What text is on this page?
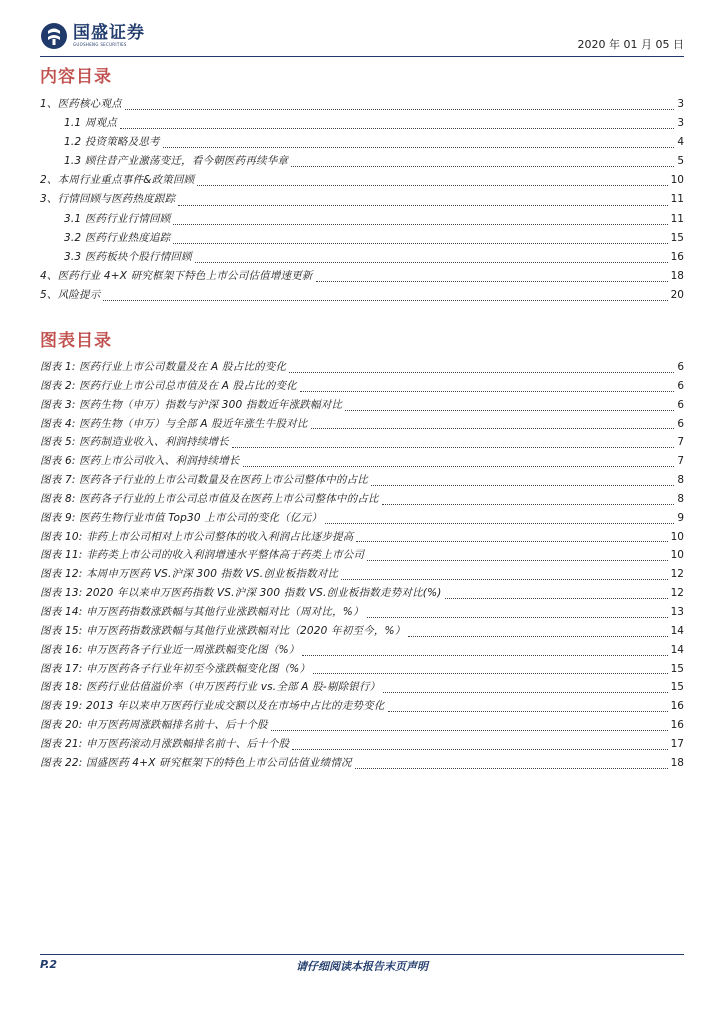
国盛证券
GUOSHENG SECURITIES	2020 年 01 月 05 日
内容目录
1、医药核心观点	3
1.1 周观点	3
1.2 投资策略及思考	4
1.3 顾往昔产业激荡变迁，看今朝医药再续华章	5
2、本周行业重点事件&政策回顾	10
3、行情回顾与医药热度跟踪	11
3.1 医药行业行情回顾	11
3.2 医药行业热度追踪	15
3.3 医药板块个股行情回顾	16
4、医药行业 4+X 研究框架下特色上市公司估值增速更新	18
5、风险提示	20
图表目录
图表 1: 医药行业上市公司数量及在 A 股占比的变化	6
图表 2: 医药行业上市公司总市值及在 A 股占比的变化	6
图表 3: 医药生物（申万）指数与沪深 300 指数近年涨跌幅对比	6
图表 4: 医药生物（申万）与全部 A 股近年涨生牛股对比	6
图表 5: 医药制造业收入、利润持续增长	7
图表 6: 医药上市公司收入、利润持续增长	7
图表 7: 医药各子行业的上市公司数量及在医药上市公司整体中的占比	8
图表 8: 医药各子行业的上市公司总市值及在医药上市公司整体中的占比	8
图表 9: 医药生物行业市值 Top30 上市公司的变化（亿元）	9
图表 10: 非药上市公司相对上市公司整体的收入利润占比逐步提高	10
图表 11: 非药类上市公司的收入利润增速水平整体高于药类上市公司	10
图表 12: 本周申万医药 VS.沪深 300 指数 VS.创业板指数对比	12
图表 13: 2020 年以来申万医药指数 VS.沪深 300 指数 VS.创业板指数走势对比(%)	12
图表 14: 申万医药指数涨跌幅与其他行业涨跌幅对比（周对比，%）	13
图表 15: 申万医药指数涨跌幅与其他行业涨跌幅对比（2020 年初至今，%）	14
图表 16: 申万医药各子行业近一周涨跌幅变化图（%）	14
图表 17: 申万医药各子行业年初至今涨跌幅变化图（%）	15
图表 18: 医药行业估值溢价率（申万医药行业 vs.全部 A 股-剔除银行）	15
图表 19: 2013 年以来申万医药行业成交额以及在市场中占比的走势变化	16
图表 20: 申万医药周涨跌幅排名前十、后十个股	16
图表 21: 申万医药滚动月涨跌幅排名前十、后十个股	17
图表 22: 国盛医药 4+X 研究框架下的特色上市公司估值业绩情况	18
P.2	请仔细阅读本报告末页声明
